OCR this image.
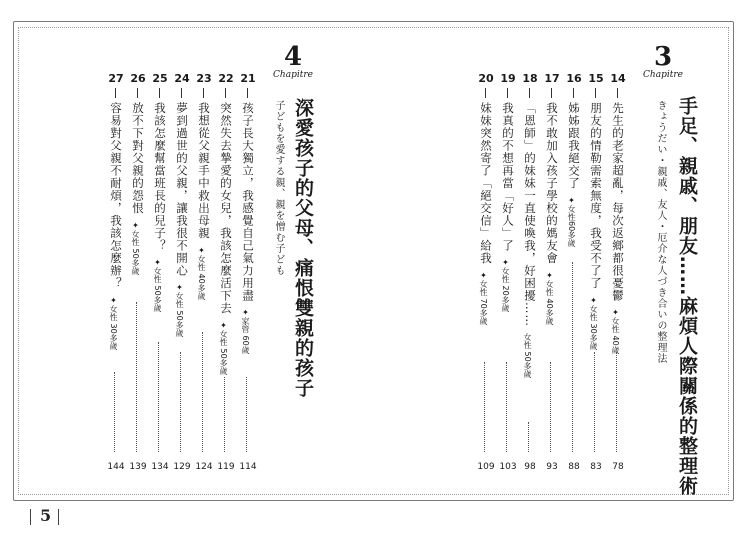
5
3
Chapitre
手足、親戚、朋友……麻煩人際關係的整理術
きょうだい・親戚、友人・厄介な人づき合いの整理法
14
先生的老家超亂，每次返鄉都很憂鬱
✦女性 40歲
78
15
朋友的情勒需索無度，我受不了了
✦女性 30多歲
83
16
姊姊跟我絕交了
✦女性60多歲
88
17
我不敢加入孩子學校的媽友會
✦女性 40多歲
93
18
「恩師」的妹妹一直使喚我，好困擾……
女性 50多歲
98
19
我真的不想再當「好人」了
✦女性 20多歲
103
20
妹妹突然寄了「絕交信」給我
✦女性 70多歲
109
4
Chapitre
深愛孩子的父母、痛恨雙親的孩子
子どもを愛する親、親を憎む子ども
21
孩子長大獨立，我感覺自己氣力用盡
✦家管 60歲
114
22
突然失去摯愛的女兒，我該怎麼活下去
✦女性 50多歲
119
23
我想從父親手中救出母親
✦女性 40多歲
124
24
夢到過世的父親，讓我很不開心
✦女性 50多歲
129
25
我該怎麼幫當班長的兒子？
✦女性 50多歲
134
26
放不下對父親的怨恨
✦女性 50多歲
139
27
容易對父親不耐煩，我該怎麼辦？
✦女性 30多歲
144
